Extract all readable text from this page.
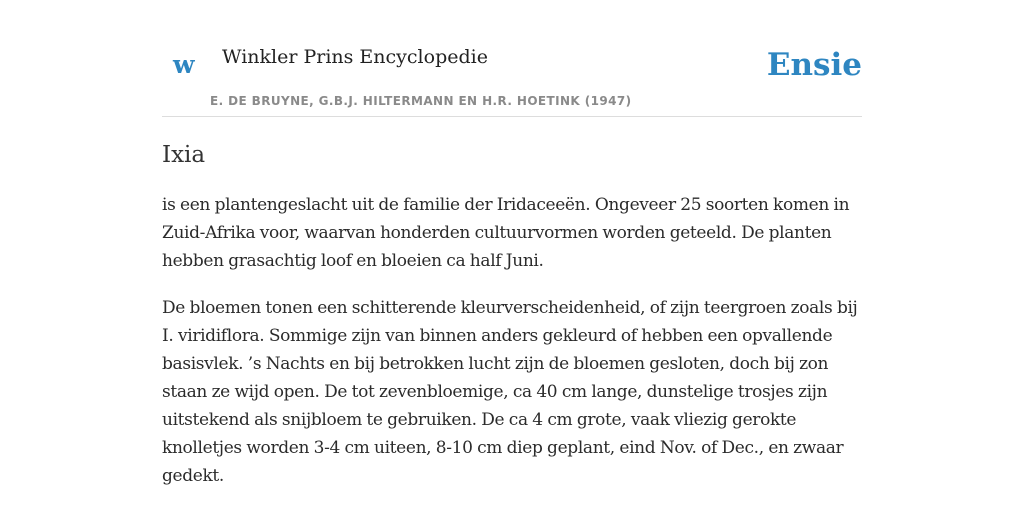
w Winkler Prins Encyclopedie
E. DE BRUYNE, G.B.J. HILTERMANN EN H.R. HOETINK (1947)
Ensie
Ixia

is een plantengeslacht uit de familie der Iridaceeën. Ongeveer 25 soorten komen in Zuid-Afrika voor, waarvan honderden cultuurvormen worden geteeld. De planten hebben grasachtig loof en bloeien ca half Juni.

De bloemen tonen een schitterende kleurverscheidenheid, of zijn teergroen zoals bij I. viridiflora. Sommige zijn van binnen anders gekleurd of hebben een opvallende basisvlek. ’s Nachts en bij betrokken lucht zijn de bloemen gesloten, doch bij zon staan ze wijd open. De tot zevenbloemige, ca 40 cm lange, dunstelige trosjes zijn uitstekend als snijbloem te gebruiken. De ca 4 cm grote, vaak vliezig gerokte knolletjes worden 3-4 cm uiteen, 8-10 cm diep geplant, eind Nov. of Dec., en zwaar gedekt.
